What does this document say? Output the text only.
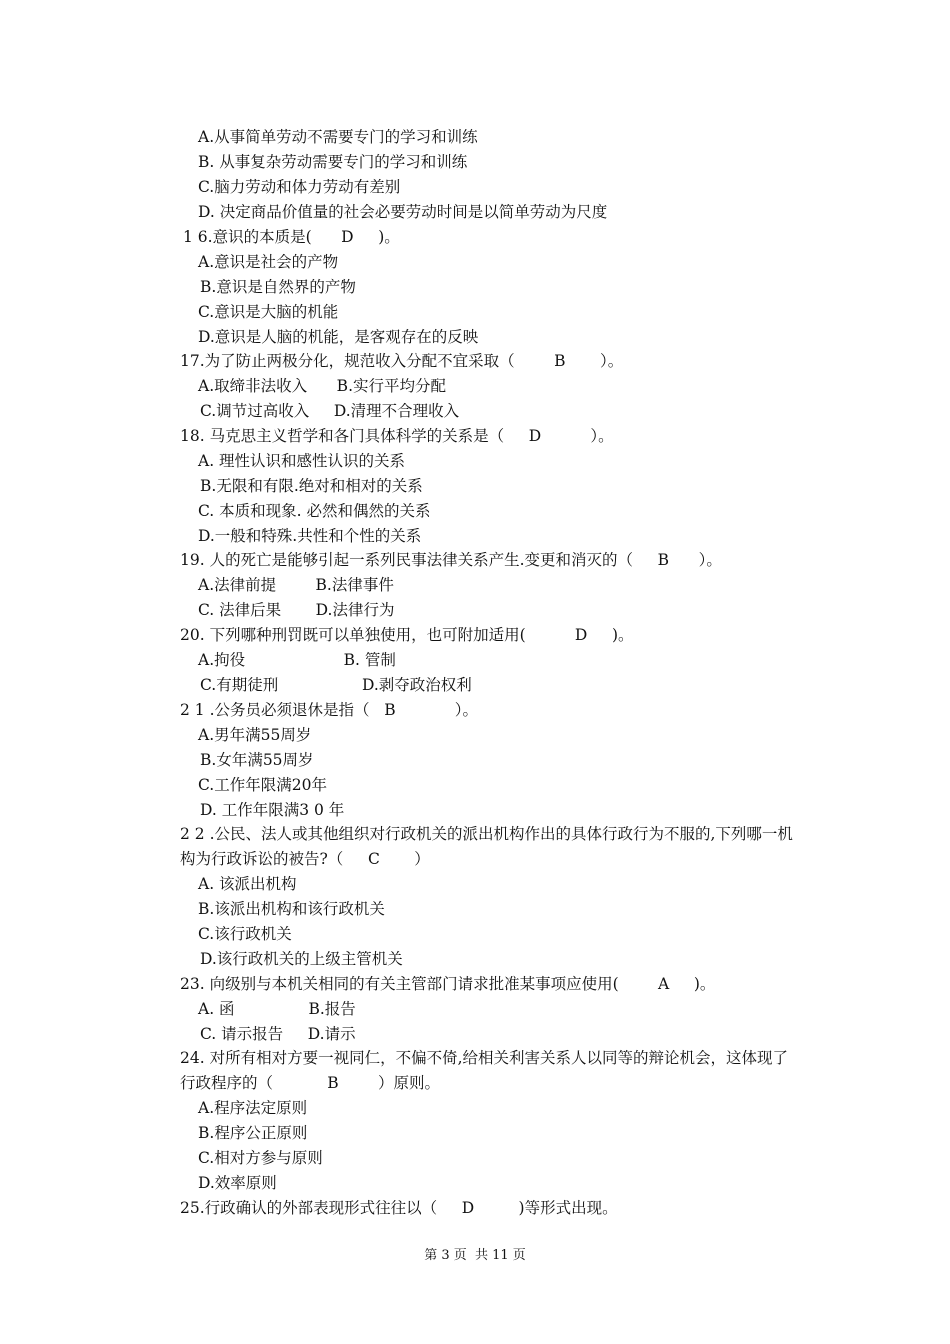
A.从事简单劳动不需要专门的学习和训练
B. 从事复杂劳动需要专门的学习和训练
C.脑力劳动和体力劳动有差别
D. 决定商品价值量的社会必要劳动时间是以简单劳动为尺度
1 6.意识的本质是(      D     )。
A.意识是社会的产物
B.意识是自然界的产物
C.意识是大脑的机能
D.意识是人脑的机能，是客观存在的反映
17.为了防止两极分化，规范收入分配不宜采取（        B       ）。
A.取缔非法收入      B.实行平均分配
C.调节过高收入     D.清理不合理收入
18. 马克思主义哲学和各门具体科学的关系是（     D          ）。
A. 理性认识和感性认识的关系
B.无限和有限.绝对和相对的关系
C. 本质和现象. 必然和偶然的关系
D.一般和特殊.共性和个性的关系
19. 人的死亡是能够引起一系列民事法律关系产生.变更和消灭的（     B      ）。
A.法律前提        B.法律事件
C. 法律后果       D.法律行为
20. 下列哪种刑罚既可以单独使用，也可附加适用(          D     )。
A.拘役                    B. 管制
C.有期徒刑                 D.剥夺政治权利
2 1 .公务员必须退休是指（   B            ）。
A.男年满55周岁
B.女年满55周岁
C.工作年限满20年
D. 工作年限满3 0 年
2 2 .公民、法人或其他组织对行政机关的派出机构作出的具体行政行为不服的,下列哪一机
构为行政诉讼的被告?（     C       ）
A. 该派出机构
B.该派出机构和该行政机关
C.该行政机关
D.该行政机关的上级主管机关
23. 向级别与本机关相同的有关主管部门请求批准某事项应使用(        A     )。
A. 函               B.报告
C. 请示报告     D.请示
24. 对所有相对方要一视同仁，不偏不倚,给相关利害关系人以同等的辩论机会，这体现了
行政程序的（           B        ）原则。
A.程序法定原则
B.程序公正原则
C.相对方参与原则
D.效率原则
25.行政确认的外部表现形式往往以（     D         )等形式出现。
第 3 页  共 11 页
